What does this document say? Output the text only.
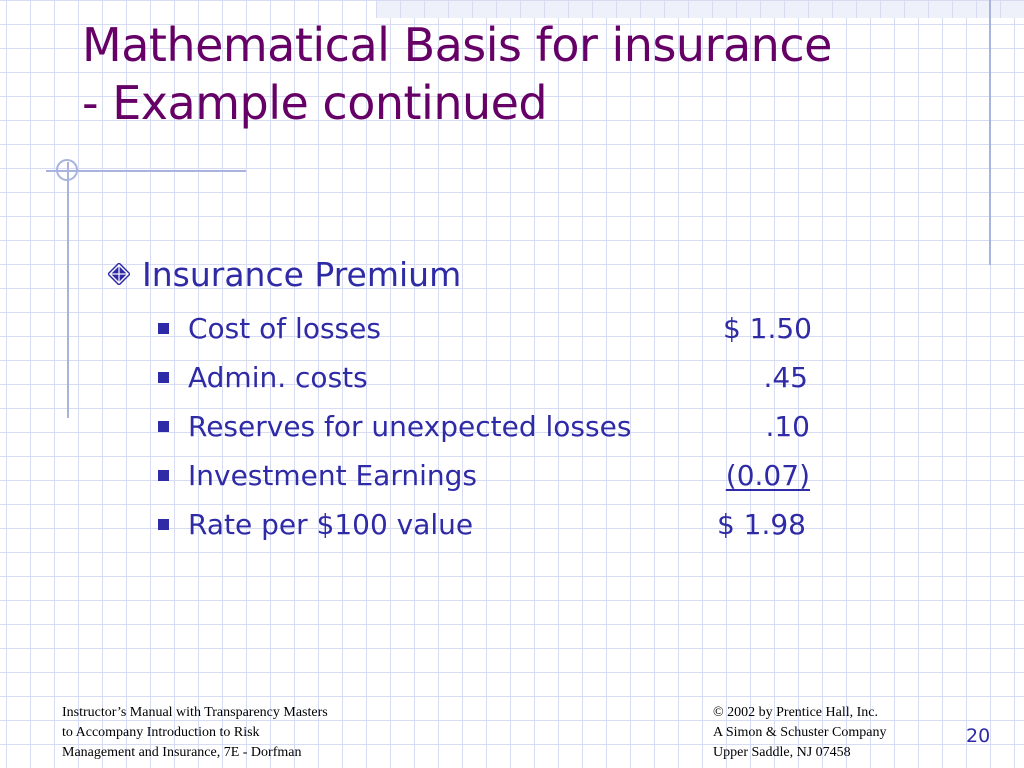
Mathematical Basis for insurance
- Example continued
Insurance Premium
Cost of losses	$ 1.50
Admin. costs	.45
Reserves for unexpected losses	.10
Investment Earnings	(0.07)
Rate per $100 value	$ 1.98
Instructor’s Manual with Transparency Masters
to Accompany Introduction to Risk
Management and Insurance, 7E - Dorfman
© 2002 by Prentice Hall, Inc.
A Simon & Schuster Company
Upper Saddle, NJ 07458
20
